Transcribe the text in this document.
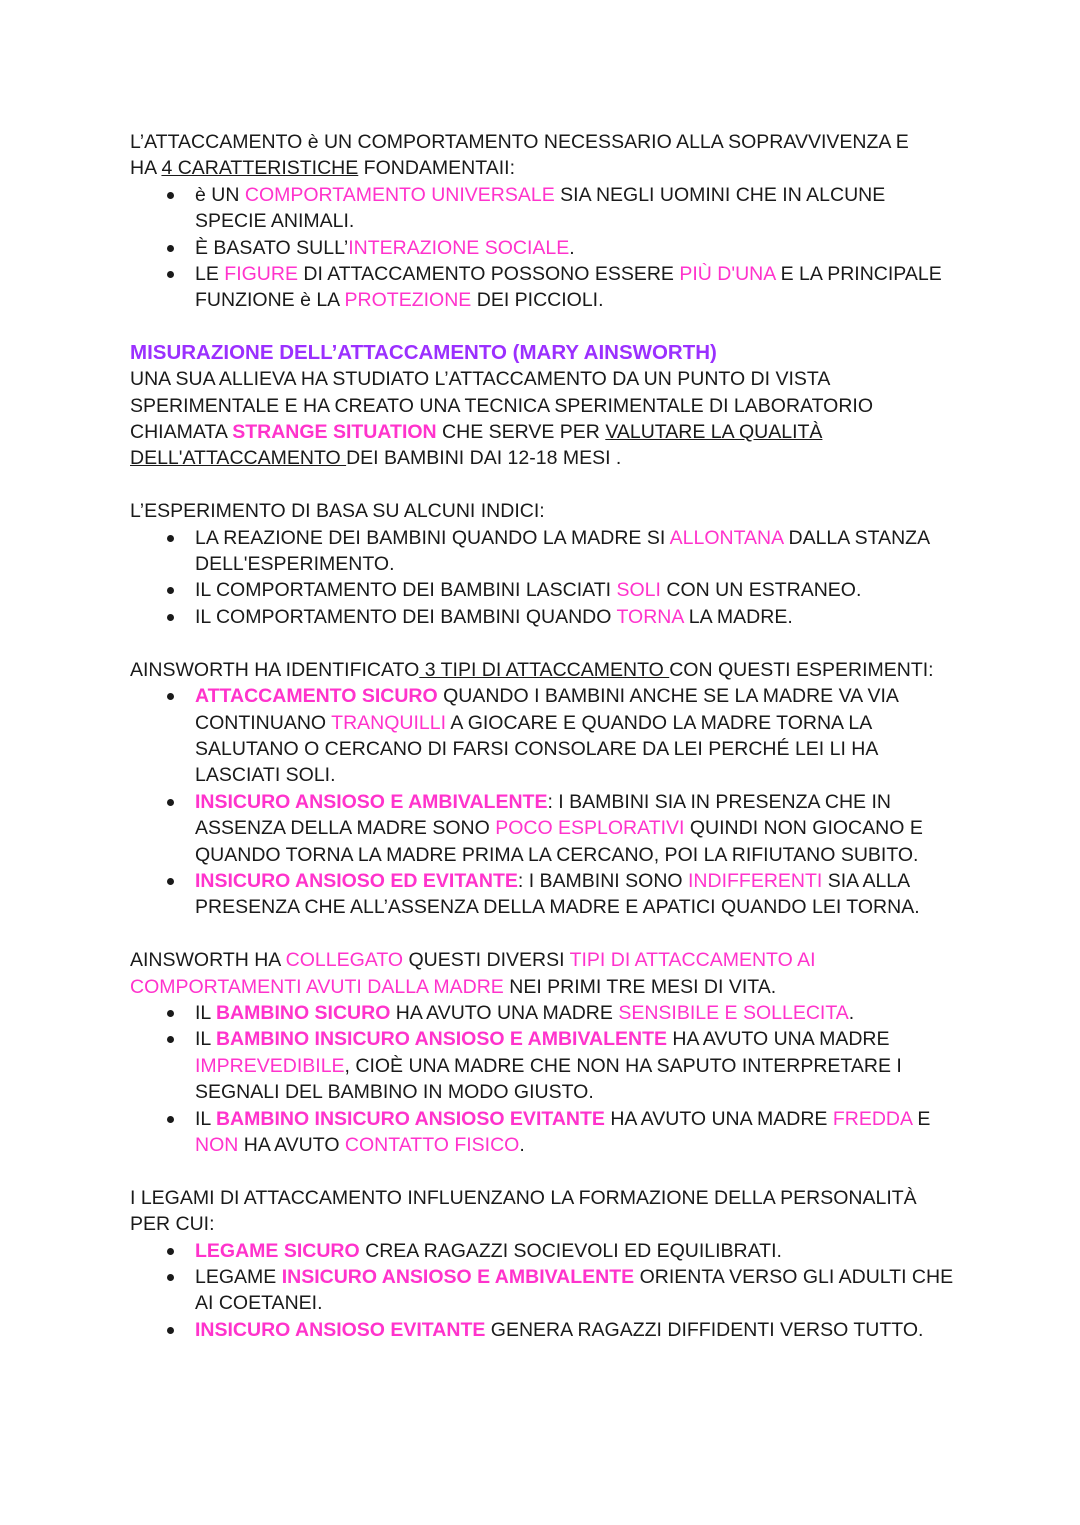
L’ATTACCAMENTO è UN COMPORTAMENTO NECESSARIO ALLA SOPRAVVIVENZA E
HA 4 CARATTERISTICHE FONDAMENTAII:

è UN COMPORTAMENTO UNIVERSALE SIA NEGLI UOMINI CHE IN ALCUNE SPECIE ANIMALI.
È BASATO SULL’INTERAZIONE SOCIALE.
LE FIGURE DI ATTACCAMENTO POSSONO ESSERE PIÙ D'UNA E LA PRINCIPALE FUNZIONE è LA PROTEZIONE DEI PICCIOLI.

MISURAZIONE DELL’ATTACCAMENTO (MARY AINSWORTH)

UNA SUA ALLIEVA HA STUDIATO L’ATTACCAMENTO DA UN PUNTO DI VISTA SPERIMENTALE E HA CREATO UNA TECNICA SPERIMENTALE DI LABORATORIO CHIAMATA STRANGE SITUATION CHE SERVE PER VALUTARE LA QUALITÀ DELL'ATTACCAMENTO DEI BAMBINI DAI 12-18 MESI .

L’ESPERIMENTO DI BASA SU ALCUNI INDICI:

LA REAZIONE DEI BAMBINI QUANDO LA MADRE SI ALLONTANA DALLA STANZA DELL'ESPERIMENTO.
IL COMPORTAMENTO DEI BAMBINI LASCIATI SOLI CON UN ESTRANEO.
IL COMPORTAMENTO DEI BAMBINI QUANDO TORNA LA MADRE.

AINSWORTH HA IDENTIFICATO 3 TIPI DI ATTACCAMENTO CON QUESTI ESPERIMENTI:

ATTACCAMENTO SICURO QUANDO I BAMBINI ANCHE SE LA MADRE VA VIA CONTINUANO TRANQUILLI A GIOCARE E QUANDO LA MADRE TORNA LA SALUTANO O CERCANO DI FARSI CONSOLARE DA LEI PERCHÉ LEI LI HA LASCIATI SOLI.
INSICURO ANSIOSO E AMBIVALENTE: I BAMBINI SIA IN PRESENZA CHE IN ASSENZA DELLA MADRE SONO POCO ESPLORATIVI QUINDI NON GIOCANO E QUANDO TORNA LA MADRE PRIMA LA CERCANO, POI LA RIFIUTANO SUBITO.
INSICURO ANSIOSO ED EVITANTE: I BAMBINI SONO INDIFFERENTI SIA ALLA PRESENZA CHE ALL’ASSENZA DELLA MADRE E APATICI QUANDO LEI TORNA.

AINSWORTH HA COLLEGATO QUESTI DIVERSI TIPI DI ATTACCAMENTO AI COMPORTAMENTI AVUTI DALLA MADRE NEI PRIMI TRE MESI DI VITA.

IL BAMBINO SICURO HA AVUTO UNA MADRE SENSIBILE E SOLLECITA.
IL BAMBINO INSICURO ANSIOSO E AMBIVALENTE HA AVUTO UNA MADRE IMPREVEDIBILE, CIOÈ UNA MADRE CHE NON HA SAPUTO INTERPRETARE I SEGNALI DEL BAMBINO IN MODO GIUSTO.
IL BAMBINO INSICURO ANSIOSO EVITANTE HA AVUTO UNA MADRE FREDDA E NON HA AVUTO CONTATTO FISICO.

I LEGAMI DI ATTACCAMENTO INFLUENZANO LA FORMAZIONE DELLA PERSONALITÀ PER CUI:

LEGAME SICURO CREA RAGAZZI SOCIEVOLI ED EQUILIBRATI.
LEGAME INSICURO ANSIOSO E AMBIVALENTE ORIENTA VERSO GLI ADULTI CHE AI COETANEI.
INSICURO ANSIOSO EVITANTE GENERA RAGAZZI DIFFIDENTI VERSO TUTTO.
